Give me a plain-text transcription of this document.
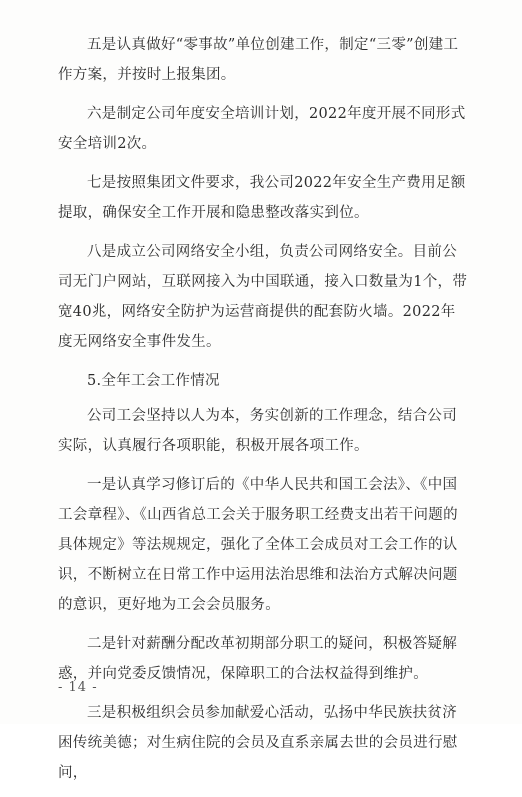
五是认真做好“零事故”单位创建工作，制定“三零”创建工作方案，并按时上报集团。

六是制定公司年度安全培训计划，2022年度开展不同形式安全培训2次。

七是按照集团文件要求，我公司2022年安全生产费用足额提取，确保安全工作开展和隐患整改落实到位。

八是成立公司网络安全小组，负责公司网络安全。目前公司无门户网站，互联网接入为中国联通，接入口数量为1个，带宽40兆，网络安全防护为运营商提供的配套防火墙。2022年度无网络安全事件发生。

5.全年工会工作情况

公司工会坚持以人为本，务实创新的工作理念，结合公司实际，认真履行各项职能，积极开展各项工作。

一是认真学习修订后的《中华人民共和国工会法》、《中国工会章程》、《山西省总工会关于服务职工经费支出若干问题的具体规定》等法规规定，强化了全体工会成员对工会工作的认识，不断树立在日常工作中运用法治思维和法治方式解决问题的意识，更好地为工会会员服务。

二是针对薪酬分配改革初期部分职工的疑问，积极答疑解惑，并向党委反馈情况，保障职工的合法权益得到维护。

三是积极组织会员参加献爱心活动，弘扬中华民族扶贫济困传统美德；对生病住院的会员及直系亲属去世的会员进行慰问，

- 14 -
